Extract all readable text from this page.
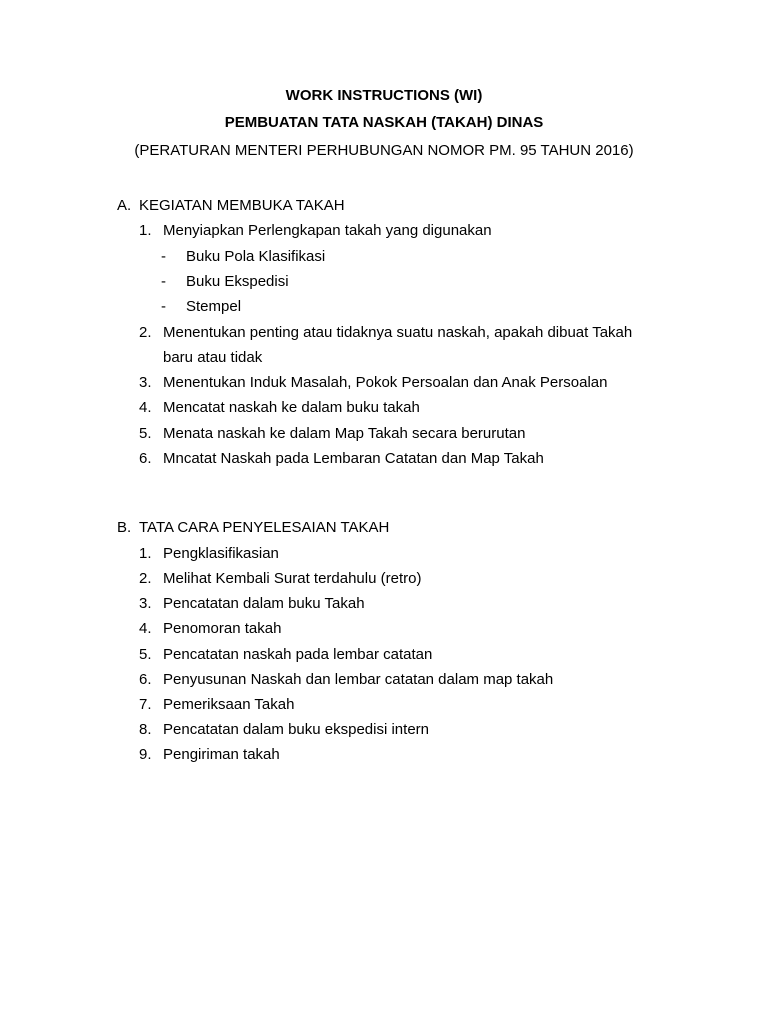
WORK INSTRUCTIONS (WI)
PEMBUATAN TATA NASKAH (TAKAH) DINAS
(PERATURAN MENTERI PERHUBUNGAN NOMOR PM. 95 TAHUN 2016)
A. KEGIATAN MEMBUKA TAKAH
1. Menyiapkan Perlengkapan takah yang digunakan
- Buku Pola Klasifikasi
- Buku Ekspedisi
- Stempel
2. Menentukan penting atau tidaknya suatu naskah, apakah dibuat Takah
baru atau tidak
3. Menentukan Induk Masalah, Pokok Persoalan dan Anak Persoalan
4. Mencatat naskah ke dalam buku takah
5. Menata naskah ke dalam Map Takah secara berurutan
6. Mncatat Naskah pada Lembaran Catatan dan Map Takah
B. TATA CARA PENYELESAIAN TAKAH
1. Pengklasifikasian
2. Melihat Kembali Surat terdahulu (retro)
3. Pencatatan dalam buku Takah
4. Penomoran takah
5. Pencatatan naskah pada lembar catatan
6. Penyusunan Naskah dan lembar catatan dalam map takah
7. Pemeriksaan Takah
8. Pencatatan dalam buku ekspedisi intern
9. Pengiriman takah
